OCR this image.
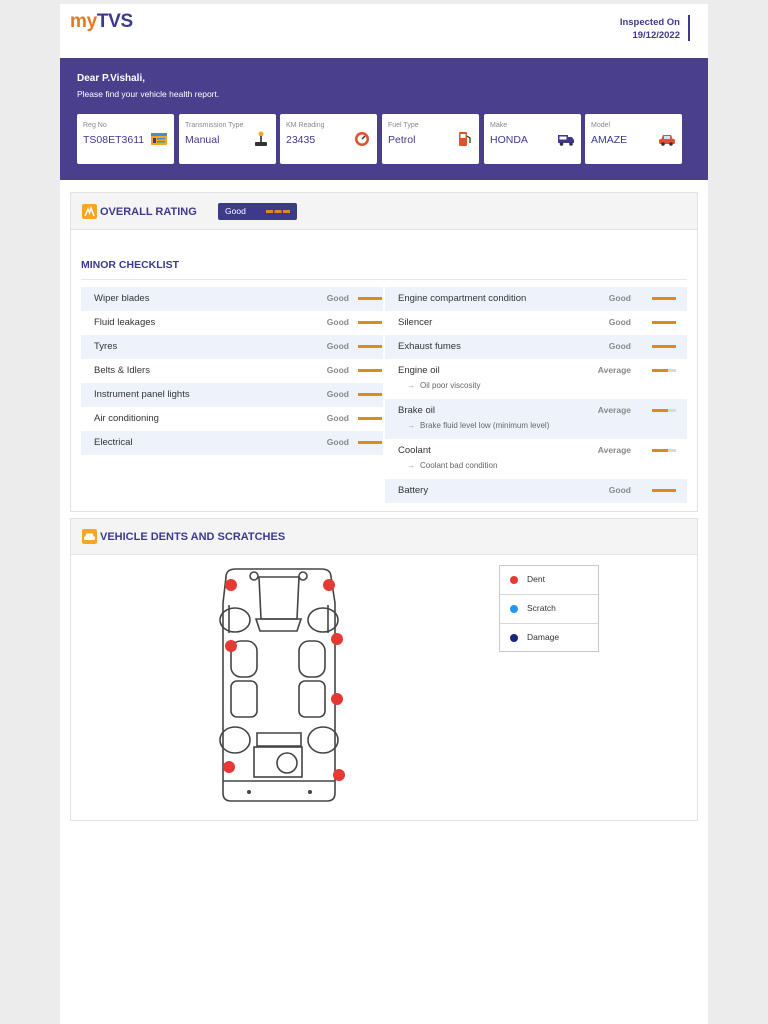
myTVS	Inspected On
19/12/2022
Dear P.Vishali,
Please find your vehicle health report.
Reg No
TS08ET3611
Transmission Type
Manual
KM Reading
23435
Fuel Type
Petrol
Make
HONDA
Model
AMAZE
OVERALL RATING	Good
MINOR CHECKLIST
Wiper blades	Good
Fluid leakages	Good
Tyres	Good
Belts & Idlers	Good
Instrument panel lights	Good
Air conditioning	Good
Electrical	Good
Engine compartment condition	Good
Silencer	Good
Exhaust fumes	Good
Engine oil	Average
→ Oil poor viscosity
Brake oil	Average
→ Brake fluid level low (minimum level)
Coolant	Average
→ Coolant bad condition
Battery	Good
VEHICLE DENTS AND SCRATCHES
Dent
Scratch
Damage
